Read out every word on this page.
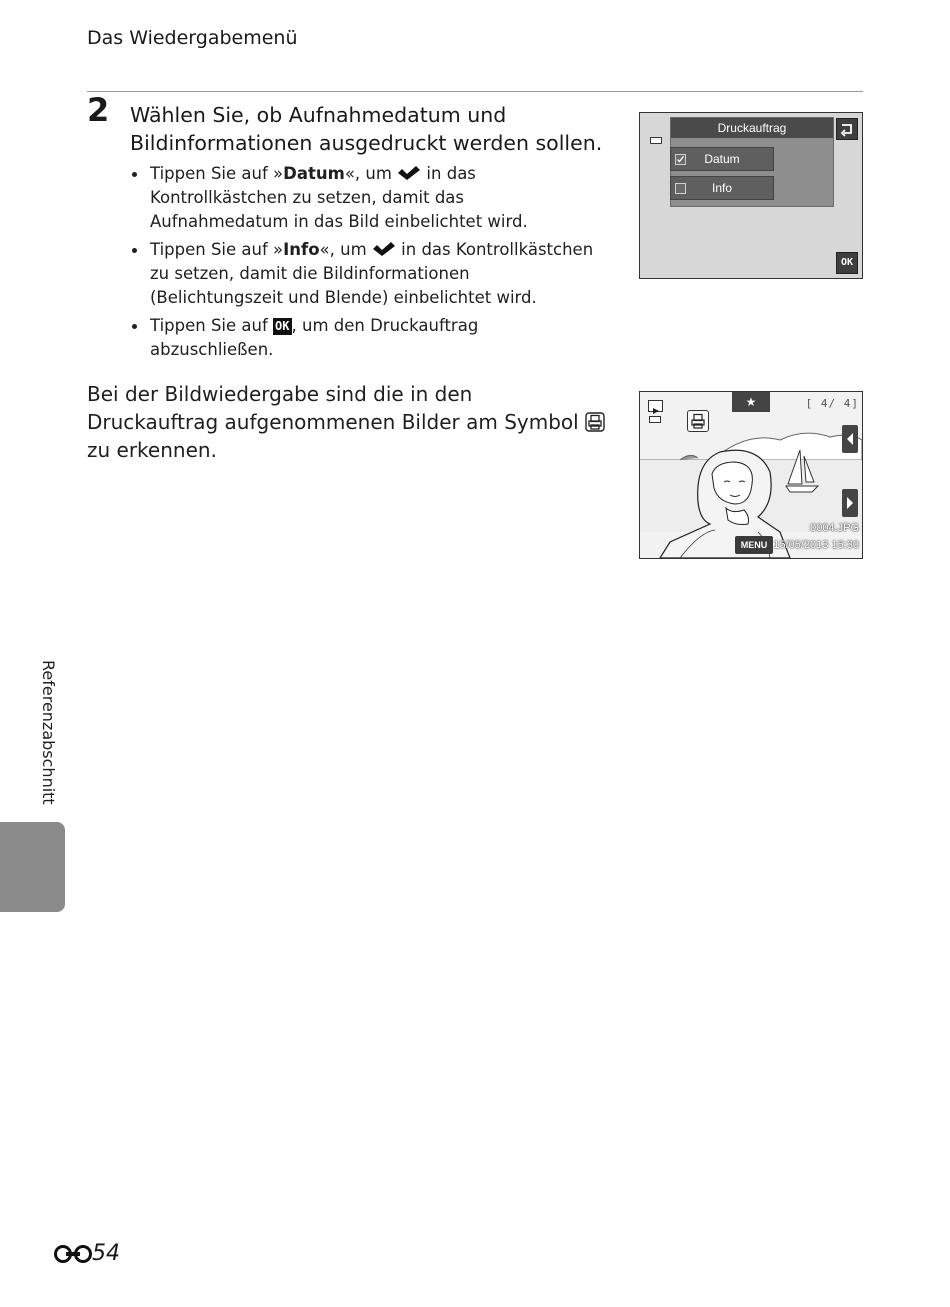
Das Wiedergabemenü
2 Wählen Sie, ob Aufnahmedatum und Bildinformationen ausgedruckt werden sollen.
Tippen Sie auf »Datum«, um  in das Kontrollkästchen zu setzen, damit das Aufnahmedatum in das Bild einbelichtet wird.
Tippen Sie auf »Info«, um  in das Kontrollkästchen zu setzen, damit die Bildinformationen (Belichtungszeit und Blende) einbelichtet wird.
Tippen Sie auf OK , um den Druckauftrag abzuschließen.
Bei der Bildwiedergabe sind die in den Druckauftrag aufgenommenen Bilder am Symbol  zu erkennen.
Druckauftrag
Datum
Info
OK
★	[ 4/ 4]
0004.JPG
15/05/2013 15:30
MENU
Referenzabschnitt
54
